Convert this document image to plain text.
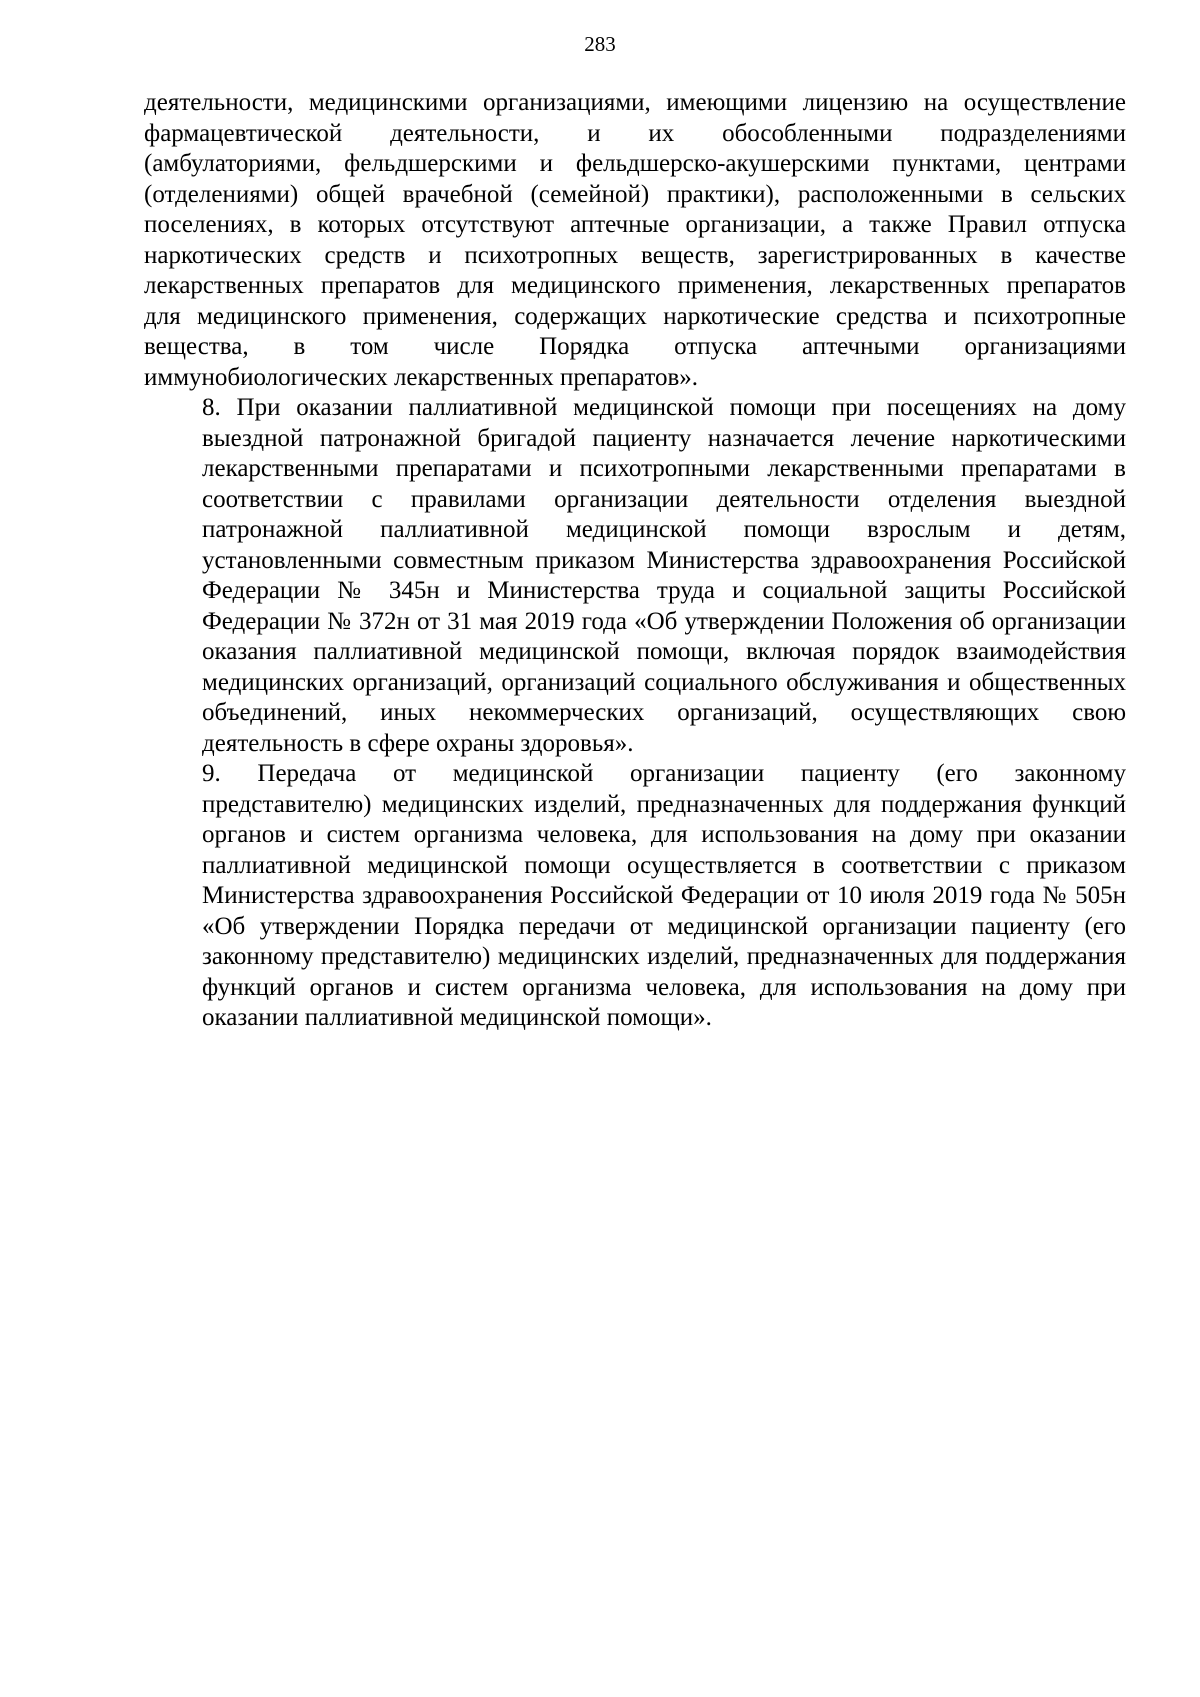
283

деятельности, медицинскими организациями, имеющими лицензию на осуществление
фармацевтической деятельности, и их обособленными подразделениями
(амбулаториями, фельдшерскими и фельдшерско-акушерскими пунктами, центрами
(отделениями) общей врачебной (семейной) практики), расположенными в сельских
поселениях, в которых отсутствуют аптечные организации, а также Правил отпуска
наркотических средств и психотропных веществ, зарегистрированных в качестве
лекарственных препаратов для медицинского применения, лекарственных препаратов
для медицинского применения, содержащих наркотические средства и психотропные
вещества, в том числе Порядка отпуска аптечными организациями
иммунобиологических лекарственных препаратов».

8. При оказании паллиативной медицинской помощи при посещениях на дому
выездной патронажной бригадой пациенту назначается лечение наркотическими
лекарственными препаратами и психотропными лекарственными препаратами в
соответствии с правилами организации деятельности отделения выездной
патронажной паллиативной медицинской помощи взрослым и детям,
установленными совместным приказом Министерства здравоохранения Российской
Федерации № 345н и Министерства труда и социальной защиты Российской
Федерации № 372н от 31 мая 2019 года «Об утверждении Положения об организации
оказания паллиативной медицинской помощи, включая порядок взаимодействия
медицинских организаций, организаций социального обслуживания и общественных
объединений, иных некоммерческих организаций, осуществляющих свою
деятельность в сфере охраны здоровья».

9. Передача от медицинской организации пациенту (его законному
представителю) медицинских изделий, предназначенных для поддержания функций
органов и систем организма человека, для использования на дому при оказании
паллиативной медицинской помощи осуществляется в соответствии с приказом
Министерства здравоохранения Российской Федерации от 10 июля 2019 года № 505н
«Об утверждении Порядка передачи от медицинской организации пациенту (его
законному представителю) медицинских изделий, предназначенных для поддержания
функций органов и систем организма человека, для использования на дому при
оказании паллиативной медицинской помощи».
